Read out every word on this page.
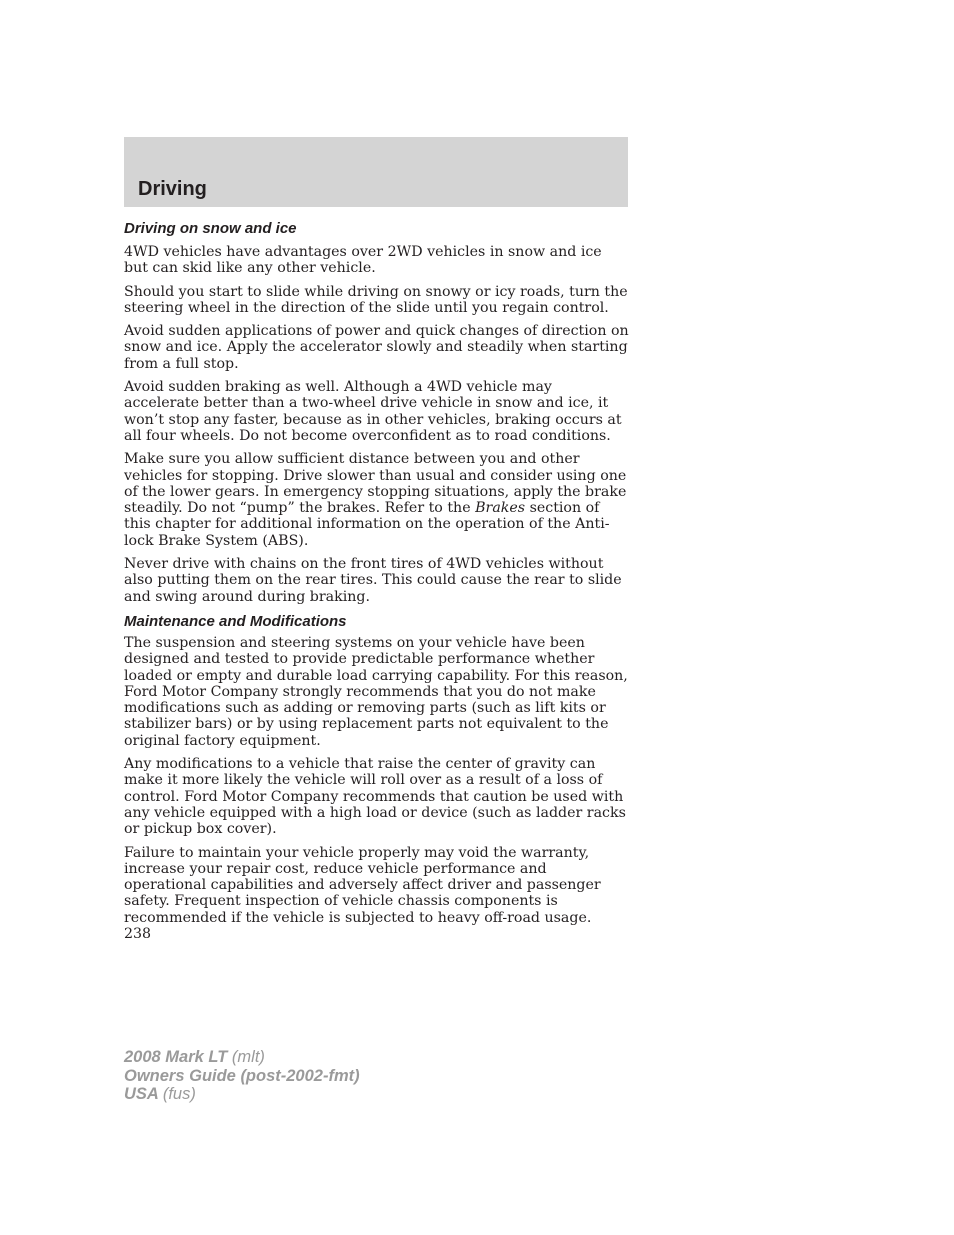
Driving
Driving on snow and ice

4WD vehicles have advantages over 2WD vehicles in snow and ice but can skid like any other vehicle.

Should you start to slide while driving on snowy or icy roads, turn the steering wheel in the direction of the slide until you regain control.

Avoid sudden applications of power and quick changes of direction on snow and ice. Apply the accelerator slowly and steadily when starting from a full stop.

Avoid sudden braking as well. Although a 4WD vehicle may accelerate better than a two-wheel drive vehicle in snow and ice, it won’t stop any faster, because as in other vehicles, braking occurs at all four wheels. Do not become overconfident as to road conditions.

Make sure you allow sufficient distance between you and other vehicles for stopping. Drive slower than usual and consider using one of the lower gears. In emergency stopping situations, apply the brake steadily. Do not “pump” the brakes. Refer to the Brakes section of this chapter for additional information on the operation of the Anti-lock Brake System (ABS).

Never drive with chains on the front tires of 4WD vehicles without also putting them on the rear tires. This could cause the rear to slide and swing around during braking.

Maintenance and Modifications

The suspension and steering systems on your vehicle have been designed and tested to provide predictable performance whether loaded or empty and durable load carrying capability. For this reason, Ford Motor Company strongly recommends that you do not make modifications such as adding or removing parts (such as lift kits or stabilizer bars) or by using replacement parts not equivalent to the original factory equipment.

Any modifications to a vehicle that raise the center of gravity can make it more likely the vehicle will roll over as a result of a loss of control. Ford Motor Company recommends that caution be used with any vehicle equipped with a high load or device (such as ladder racks or pickup box cover).

Failure to maintain your vehicle properly may void the warranty, increase your repair cost, reduce vehicle performance and operational capabilities and adversely affect driver and passenger safety. Frequent inspection of vehicle chassis components is recommended if the vehicle is subjected to heavy off-road usage.

238
2008 Mark LT (mlt)
Owners Guide (post-2002-fmt)
USA (fus)
